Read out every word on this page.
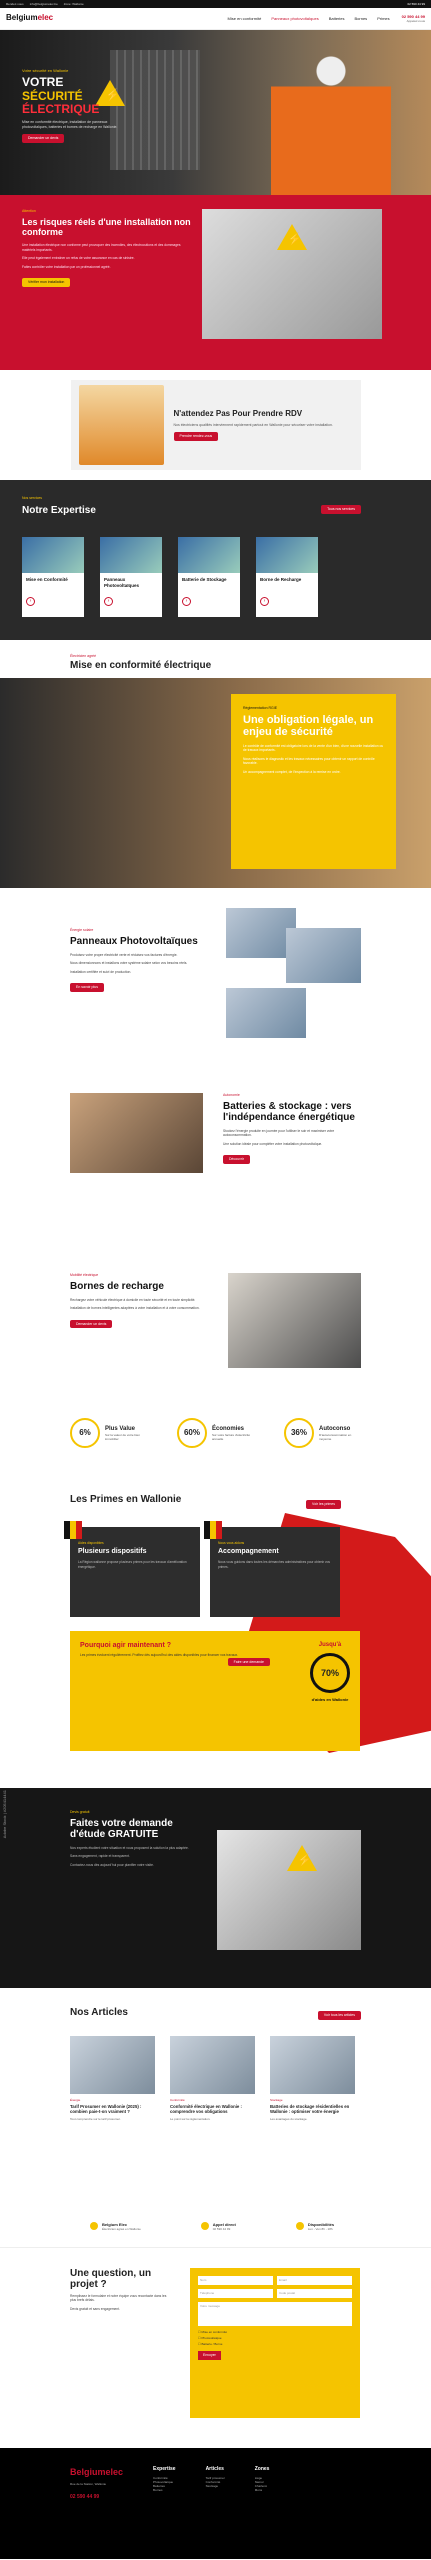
Rendez-vous info@belgiumelec.be Zone: Wallonie	02 590 44 99
Belgiumelec	Mise en conformité	Panneaux photovoltaïques	Batteries	Bornes	Primes	02 590 44 99
Appelez-nous
⚡
Votre sécurité en Wallonie
VOTRE
SÉCURITÉ
ÉLECTRIQUE

Mise en conformité électrique, installation de panneaux photovoltaïques, batteries et bornes de recharge en Wallonie.

Demander un devis
Attention
Les risques réels d'une installation non conforme

Une installation électrique non conforme peut provoquer des incendies, des électrocutions et des dommages matériels importants.

Elle peut également entraîner un refus de votre assurance en cas de sinistre.

Faites contrôler votre installation par un professionnel agréé.

Vérifier mon installation
⚡
N'attendez Pas Pour Prendre RDV

Nos électriciens qualifiés interviennent rapidement partout en Wallonie pour sécuriser votre installation.

Prendre rendez-vous
Nos services
Notre Expertise	Tous nos services
Mise en Conformité
›
Panneaux Photovoltaïques
›
Batterie de Stockage
›
Borne de Recharge
›
Électricien agréé
Mise en conformité électrique
Réglementation RGIE
Une obligation légale, un enjeu de sécurité

Le contrôle de conformité est obligatoire lors de la vente d'un bien, d'une nouvelle installation ou de travaux importants.

Nous réalisons le diagnostic et les travaux nécessaires pour obtenir un rapport de contrôle favorable.

Un accompagnement complet, de l'inspection à la remise en ordre.

Énergie solaire
Panneaux Photovoltaïques

Produisez votre propre électricité verte et réduisez vos factures d'énergie.

Nous dimensionnons et installons votre système solaire selon vos besoins réels.

Installation certifiée et suivi de production.

En savoir plus
Autonomie
Batteries & stockage : vers l'indépendance énergétique

Stockez l'énergie produite en journée pour l'utiliser le soir et maximiser votre autoconsommation.

Une solution idéale pour compléter votre installation photovoltaïque.

Découvrir
Mobilité électrique
Bornes de recharge

Rechargez votre véhicule électrique à domicile en toute sécurité et en toute simplicité.

Installation de bornes intelligentes adaptées à votre installation et à votre consommation.

Demander un devis
6%	Plus Value

Sur la valeur de votre bien immobilier

60%	Économies

Sur votre facture d'électricité annuelle

36%	Autoconso

D'autoconsommation en moyenne

Les Primes en Wallonie	Voir les primes
Aides disponibles
Plusieurs dispositifs

La Région wallonne propose plusieurs primes pour les travaux d'amélioration énergétique.

Nous vous aidons
Accompagnement

Nous vous guidons dans toutes les démarches administratives pour obtenir vos primes.

Pourquoi agir maintenant ?

Les primes évoluent régulièrement. Profitez dès aujourd'hui des aides disponibles pour financer vos travaux.

Faire une demande
Jusqu'à
70%

d'aides en Wallonie

Devis gratuit
Faites votre demande d'étude GRATUITE

Nos experts étudient votre situation et vous proposent la solution la plus adaptée.

Sans engagement, rapide et transparent.

Contactez-nous dès aujourd'hui pour planifier votre visite.

⚡
Nos Articles	Voir tous les articles
Énergie
Tarif Prosumer en Wallonie (2025) : combien paie-t-on vraiment ?

Tout comprendre sur le tarif prosumer.

Conformité
Conformité électrique en Wallonie : comprendre vos obligations

Le point sur la réglementation.

Stockage
Batteries de stockage résidentielles en Wallonie : optimiser votre énergie

Les avantages du stockage.

Belgium Elec

Électricien agréé en Wallonie

Appel direct

02 590 44 99

Disponibilités

Lun - Ven 8h - 18h

Une question, un projet ?

Remplissez le formulaire et notre équipe vous recontacte dans les plus brefs délais.

Devis gratuit et sans engagement.

Nom	Email
Téléphone	Code postal
Votre message
☐ Mise en conformité
☐ Photovoltaïque
☐ Batterie / Borne
Envoyer
Belgiumelec

Rue de la Station, Wallonie

02 590 44 99
Expertise

Conformité

Photovoltaïque

Batteries

Bornes

Articles

Tarif prosumer

Conformité

Stockage

Zones

Liège

Namur

Charleroi

Mons

Adobe Stock | #205414441
